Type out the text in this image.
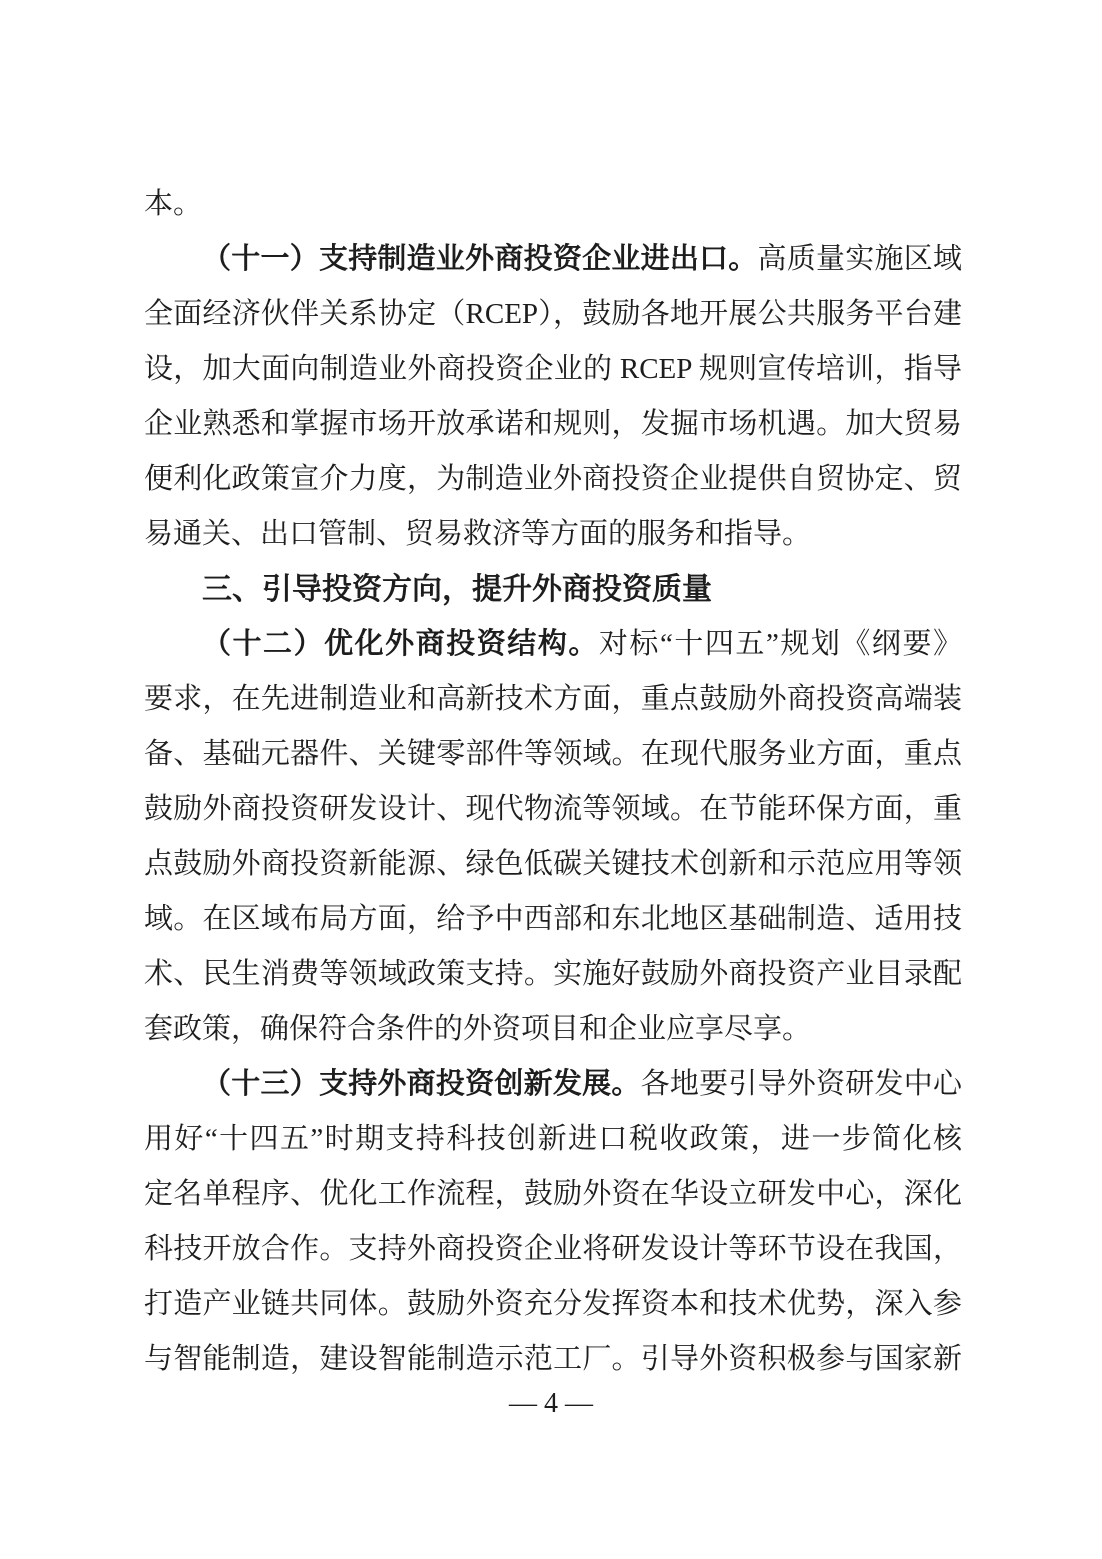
本。
（十一）支持制造业外商投资企业进出口。高质量实施区域
全面经济伙伴关系协定（RCEP），鼓励各地开展公共服务平台建
设，加大面向制造业外商投资企业的 RCEP 规则宣传培训，指导
企业熟悉和掌握市场开放承诺和规则，发掘市场机遇。加大贸易
便利化政策宣介力度，为制造业外商投资企业提供自贸协定、贸
易通关、出口管制、贸易救济等方面的服务和指导。
三、引导投资方向，提升外商投资质量
（十二）优化外商投资结构。对标“十四五”规划《纲要》
要求，在先进制造业和高新技术方面，重点鼓励外商投资高端装
备、基础元器件、关键零部件等领域。在现代服务业方面，重点
鼓励外商投资研发设计、现代物流等领域。在节能环保方面，重
点鼓励外商投资新能源、绿色低碳关键技术创新和示范应用等领
域。在区域布局方面，给予中西部和东北地区基础制造、适用技
术、民生消费等领域政策支持。实施好鼓励外商投资产业目录配
套政策，确保符合条件的外资项目和企业应享尽享。
（十三）支持外商投资创新发展。各地要引导外资研发中心
用好“十四五”时期支持科技创新进口税收政策，进一步简化核
定名单程序、优化工作流程，鼓励外资在华设立研发中心，深化
科技开放合作。支持外商投资企业将研发设计等环节设在我国，
打造产业链共同体。鼓励外资充分发挥资本和技术优势，深入参
与智能制造，建设智能制造示范工厂。引导外资积极参与国家新
— 4 —
